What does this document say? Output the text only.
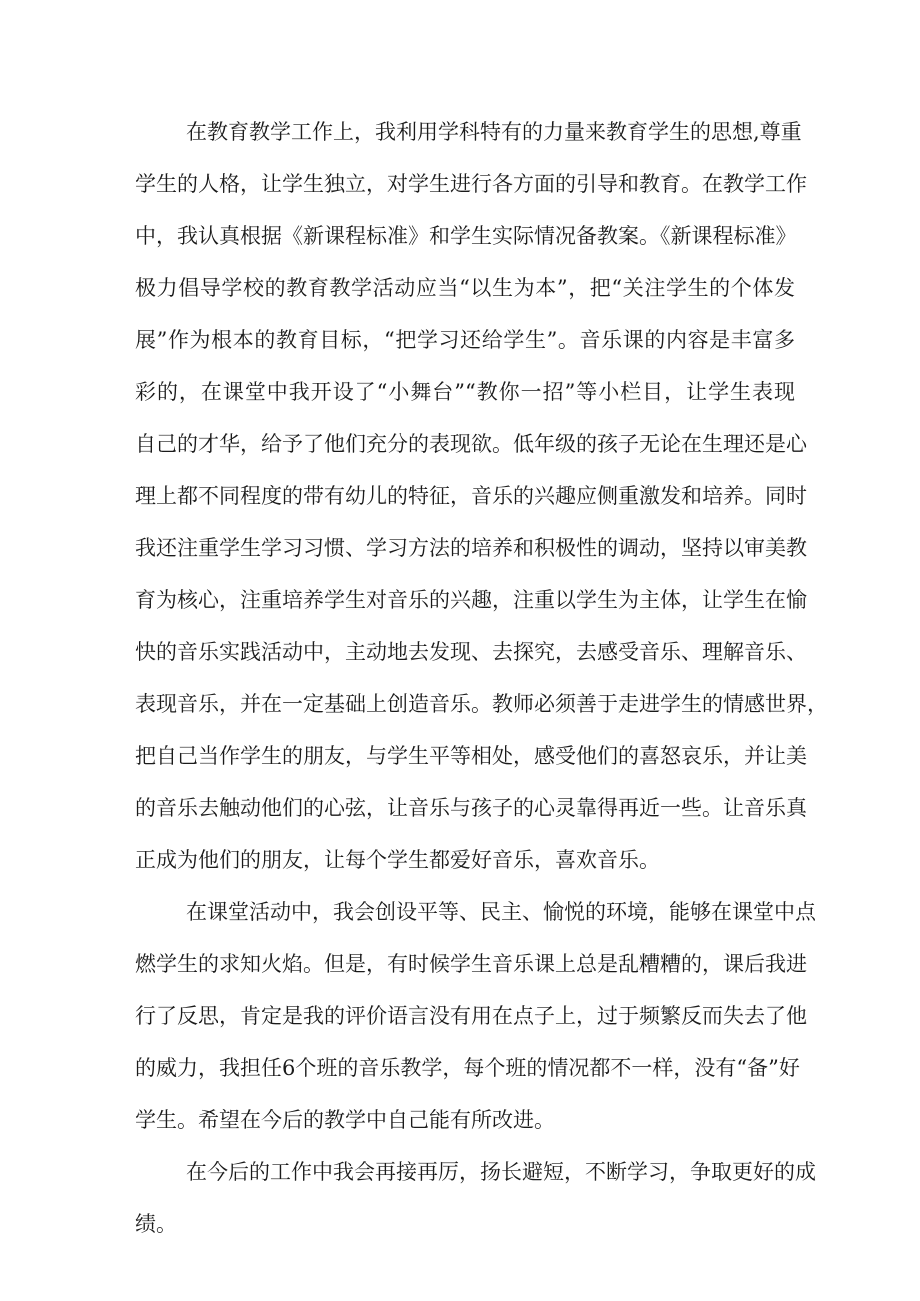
在教育教学工作上，我利用学科特有的力量来教育学生的思想,尊重
学生的人格，让学生独立，对学生进行各方面的引导和教育。在教学工作
中，我认真根据《新课程标准》和学生实际情况备教案。《新课程标准》
极力倡导学校的教育教学活动应当“以生为本”，把“关注学生的个体发
展”作为根本的教育目标，“把学习还给学生”。音乐课的内容是丰富多
彩的，在课堂中我开设了“小舞台”“教你一招”等小栏目，让学生表现
自己的才华，给予了他们充分的表现欲。低年级的孩子无论在生理还是心
理上都不同程度的带有幼儿的特征，音乐的兴趣应侧重激发和培养。同时
我还注重学生学习习惯、学习方法的培养和积极性的调动，坚持以审美教
育为核心，注重培养学生对音乐的兴趣，注重以学生为主体，让学生在愉
快的音乐实践活动中，主动地去发现、去探究，去感受音乐、理解音乐、
表现音乐，并在一定基础上创造音乐。教师必须善于走进学生的情感世界，
把自己当作学生的朋友，与学生平等相处，感受他们的喜怒哀乐，并让美
的音乐去触动他们的心弦，让音乐与孩子的心灵靠得再近一些。让音乐真
正成为他们的朋友，让每个学生都爱好音乐，喜欢音乐。
在课堂活动中，我会创设平等、民主、愉悦的环境，能够在课堂中点
燃学生的求知火焰。但是，有时候学生音乐课上总是乱糟糟的，课后我进
行了反思，肯定是我的评价语言没有用在点子上，过于频繁反而失去了他
的威力，我担任6个班的音乐教学，每个班的情况都不一样，没有“备”好
学生。希望在今后的教学中自己能有所改进。
在今后的工作中我会再接再厉，扬长避短，不断学习，争取更好的成
绩。
